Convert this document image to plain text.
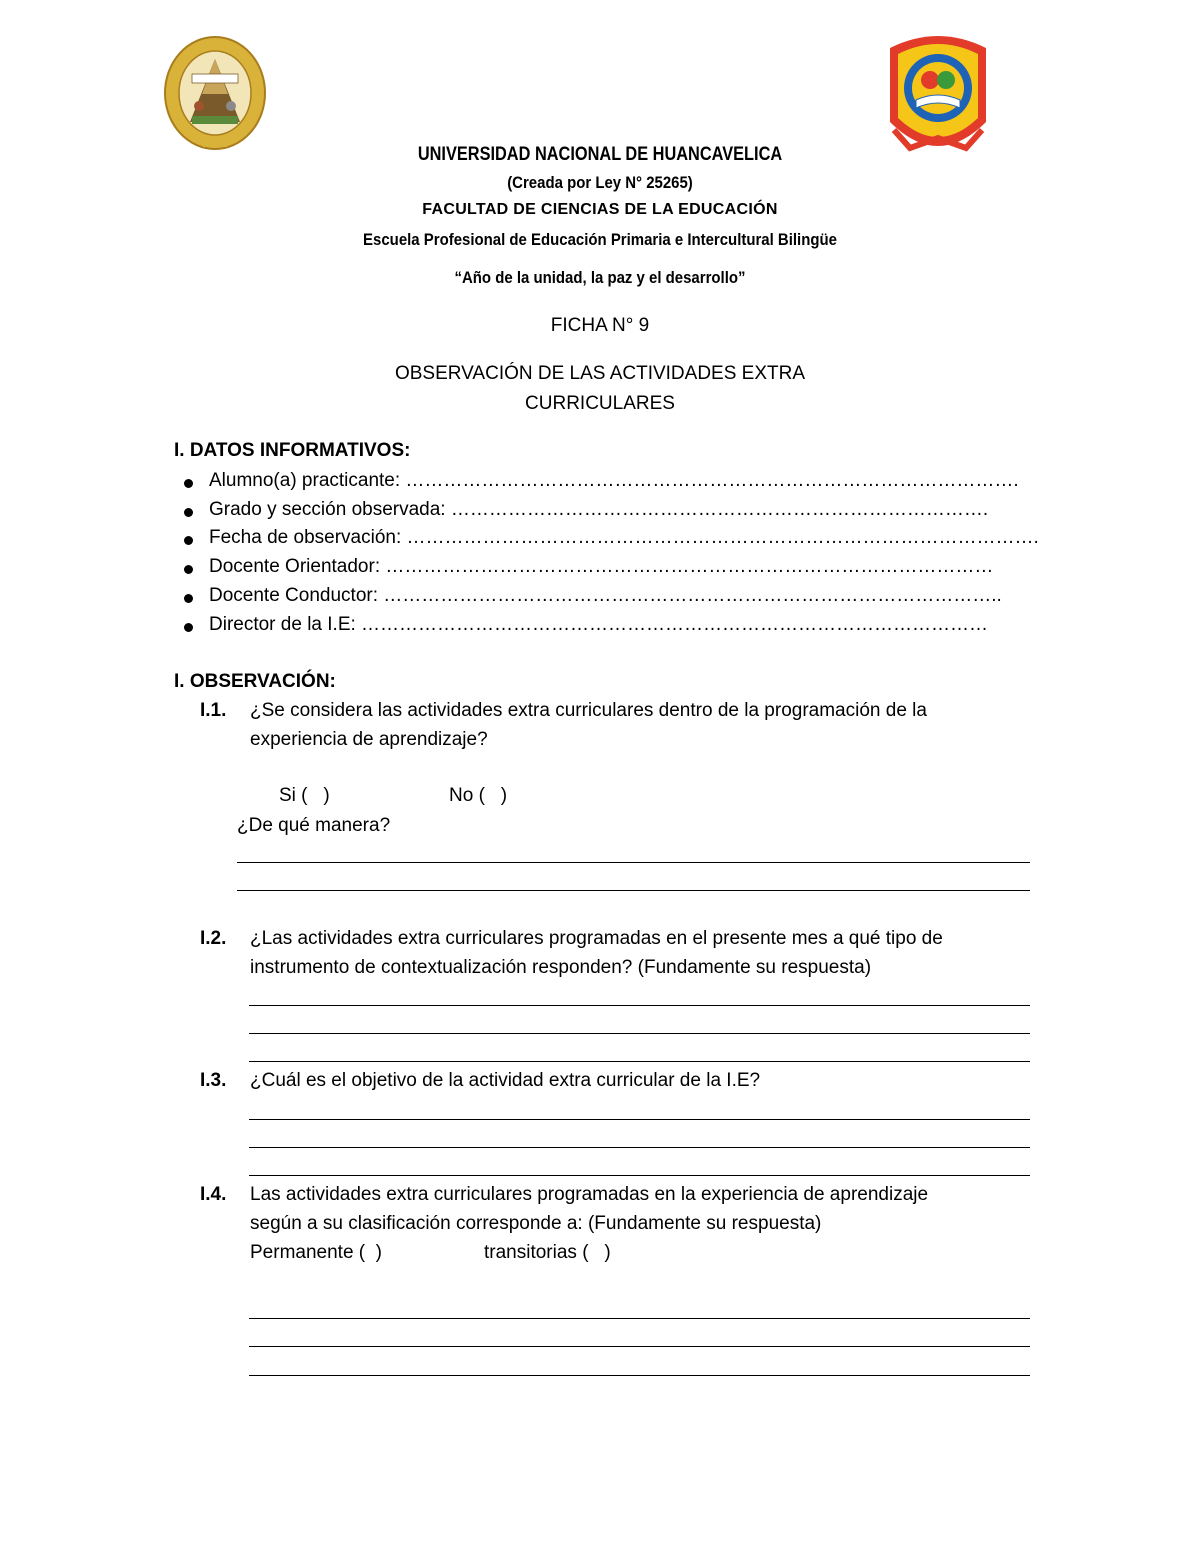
UNIVERSIDAD NACIONAL DE HUANCAVELICA
(Creada por Ley N° 25265)
FACULTAD DE CIENCIAS DE LA EDUCACIÓN
Escuela Profesional de Educación Primaria e Intercultural Bilingüe
“Año de la unidad, la paz y el desarrollo”
FICHA N° 9
OBSERVACIÓN DE LAS ACTIVIDADES EXTRA
CURRICULARES
I. DATOS INFORMATIVOS:
Alumno(a) practicante: …………………………………………………………………………………….
Grado y sección observada: ………………………………………………………………………….
Fecha de observación: ……………………………………………………………………………………….
Docente Orientador: ……………………………………………………………………………………
Docente Conductor: ……………………………………………………………………………………..
Director de la I.E: ………………………………………………………………………………………
I. OBSERVACIÓN:
I.1. ¿Se considera las actividades extra curriculares dentro de la programación de la
experiencia de aprendizaje?
Si (   )	No (   )
¿De qué manera?
I.2. ¿Las actividades extra curriculares programadas en el presente mes a qué tipo de
instrumento de contextualización responden? (Fundamente su respuesta)
I.3. ¿Cuál es el objetivo de la actividad extra curricular de la I.E?
I.4. Las actividades extra curriculares programadas en la experiencia de aprendizaje
según a su clasificación corresponde a: (Fundamente su respuesta)
Permanente (  )	transitorias (   )
